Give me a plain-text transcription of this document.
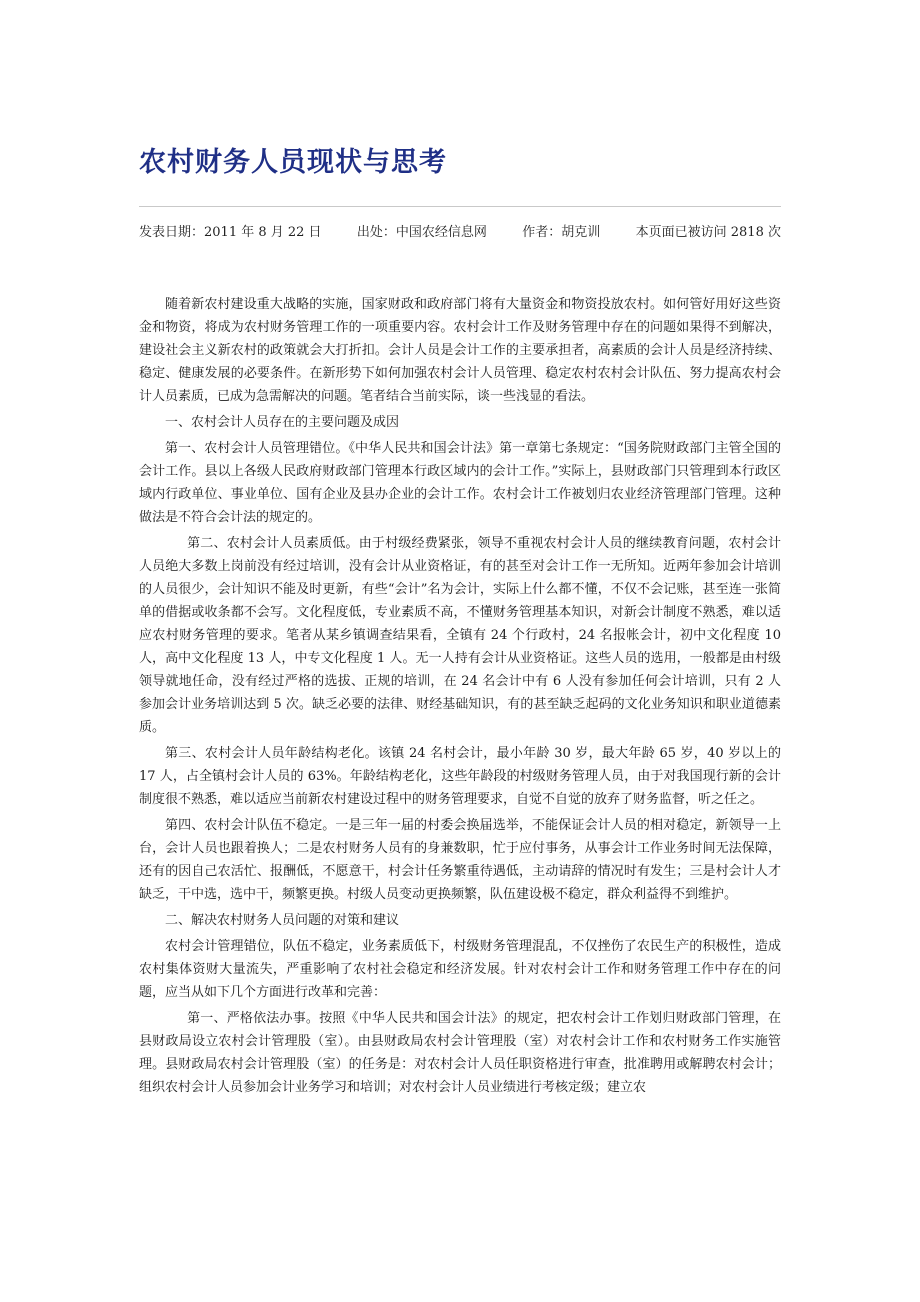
农村财务人员现状与思考
发表日期：2011 年 8 月 22 日	出处：中国农经信息网	作者：胡克训	本页面已被访问 2818 次

随着新农村建设重大战略的实施，国家财政和政府部门将有大量资金和物资投放农村。如何管好用好这些资金和物资，将成为农村财务管理工作的一项重要内容。农村会计工作及财务管理中存在的问题如果得不到解决，建设社会主义新农村的政策就会大打折扣。会计人员是会计工作的主要承担者，高素质的会计人员是经济持续、稳定、健康发展的必要条件。在新形势下如何加强农村会计人员管理、稳定农村农村会计队伍、努力提高农村会计人员素质，已成为急需解决的问题。笔者结合当前实际，谈一些浅显的看法。

一、农村会计人员存在的主要问题及成因

第一、农村会计人员管理错位。《中华人民共和国会计法》第一章第七条规定：“国务院财政部门主管全国的会计工作。县以上各级人民政府财政部门管理本行政区域内的会计工作。”实际上，县财政部门只管理到本行政区域内行政单位、事业单位、国有企业及县办企业的会计工作。农村会计工作被划归农业经济管理部门管理。这种做法是不符合会计法的规定的。

第二、农村会计人员素质低。由于村级经费紧张，领导不重视农村会计人员的继续教育问题，农村会计人员绝大多数上岗前没有经过培训，没有会计从业资格证，有的甚至对会计工作一无所知。近两年参加会计培训的人员很少，会计知识不能及时更新，有些“会计”名为会计，实际上什么都不懂，不仅不会记账，甚至连一张简单的借据或收条都不会写。文化程度低，专业素质不高，不懂财务管理基本知识，对新会计制度不熟悉，难以适应农村财务管理的要求。笔者从某乡镇调查结果看，全镇有 24 个行政村，24 名报帐会计，初中文化程度 10 人，高中文化程度 13 人，中专文化程度 1 人。无一人持有会计从业资格证。这些人员的选用，一般都是由村级领导就地任命，没有经过严格的选拔、正规的培训，在 24 名会计中有 6 人没有参加任何会计培训，只有 2 人参加会计业务培训达到 5 次。缺乏必要的法律、财经基础知识，有的甚至缺乏起码的文化业务知识和职业道德素质。

第三、农村会计人员年龄结构老化。该镇 24 名村会计，最小年龄 30 岁，最大年龄 65 岁，40 岁以上的 17 人，占全镇村会计人员的 63%。年龄结构老化，这些年龄段的村级财务管理人员，由于对我国现行新的会计制度很不熟悉，难以适应当前新农村建设过程中的财务管理要求，自觉不自觉的放弃了财务监督，听之任之。

第四、农村会计队伍不稳定。一是三年一届的村委会换届选举，不能保证会计人员的相对稳定，新领导一上台，会计人员也跟着换人；二是农村财务人员有的身兼数职，忙于应付事务，从事会计工作业务时间无法保障，还有的因自己农活忙、报酬低，不愿意干，村会计任务繁重待遇低，主动请辞的情况时有发生；三是村会计人才缺乏，干中选，选中干，频繁更换。村级人员变动更换频繁，队伍建设极不稳定，群众利益得不到维护。

二、解决农村财务人员问题的对策和建议

农村会计管理错位，队伍不稳定，业务素质低下，村级财务管理混乱，不仅挫伤了农民生产的积极性，造成农村集体资财大量流失，严重影响了农村社会稳定和经济发展。针对农村会计工作和财务管理工作中存在的问题，应当从如下几个方面进行改革和完善：

第一、严格依法办事。按照《中华人民共和国会计法》的规定，把农村会计工作划归财政部门管理，在县财政局设立农村会计管理股（室）。由县财政局农村会计管理股（室）对农村会计工作和农村财务工作实施管理。县财政局农村会计管理股（室）的任务是：对农村会计人员任职资格进行审查，批准聘用或解聘农村会计；组织农村会计人员参加会计业务学习和培训；对农村会计人员业绩进行考核定级；建立农
